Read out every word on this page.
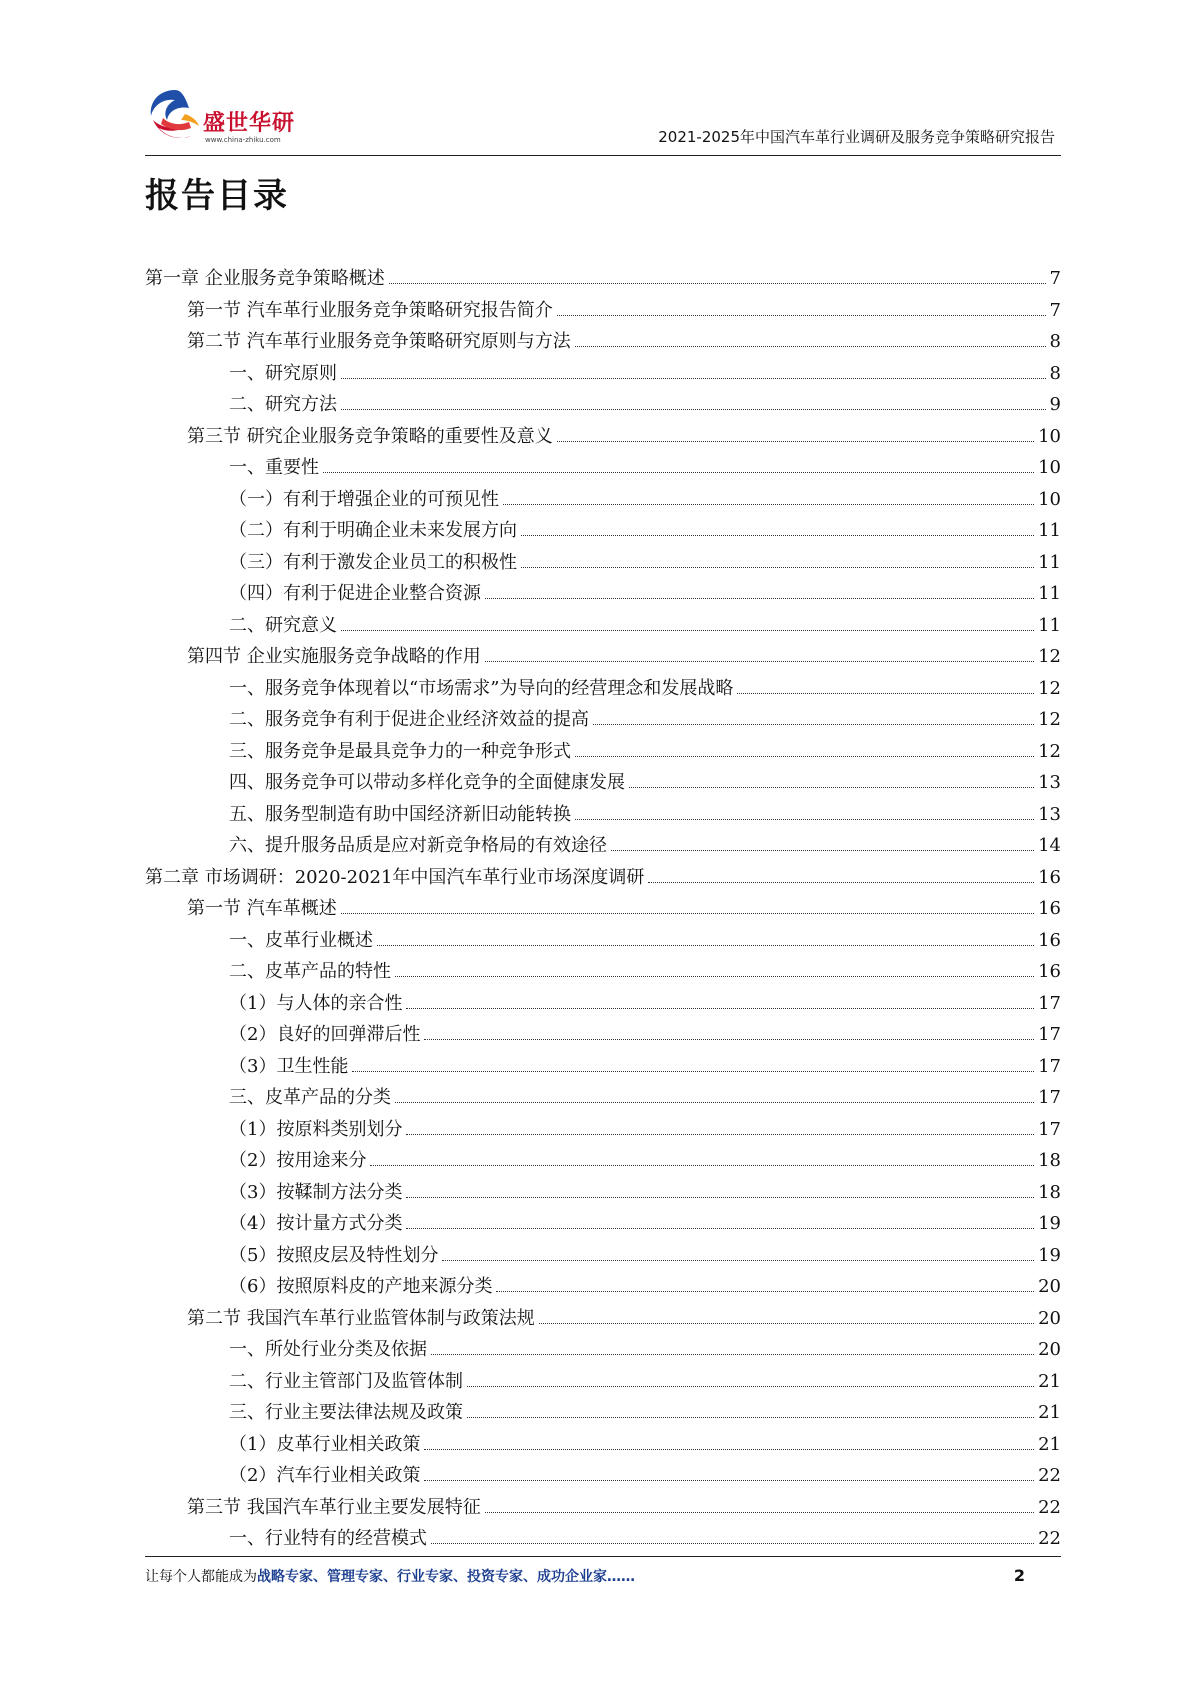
盛世华研
www.china-zhiku.com	2021-2025年中国汽车革行业调研及服务竞争策略研究报告
报告目录
第一章 企业服务竞争策略概述	7
第一节 汽车革行业服务竞争策略研究报告简介	7
第二节 汽车革行业服务竞争策略研究原则与方法	8
一、研究原则	8
二、研究方法	9
第三节 研究企业服务竞争策略的重要性及意义	10
一、重要性	10
（一）有利于增强企业的可预见性	10
（二）有利于明确企业未来发展方向	11
（三）有利于激发企业员工的积极性	11
（四）有利于促进企业整合资源	11
二、研究意义	11
第四节 企业实施服务竞争战略的作用	12
一、服务竞争体现着以“市场需求”为导向的经营理念和发展战略	12
二、服务竞争有利于促进企业经济效益的提高	12
三、服务竞争是最具竞争力的一种竞争形式	12
四、服务竞争可以带动多样化竞争的全面健康发展	13
五、服务型制造有助中国经济新旧动能转换	13
六、提升服务品质是应对新竞争格局的有效途径	14
第二章 市场调研：2020-2021年中国汽车革行业市场深度调研	16
第一节 汽车革概述	16
一、皮革行业概述	16
二、皮革产品的特性	16
（1）与人体的亲合性	17
（2）良好的回弹滞后性	17
（3）卫生性能	17
三、皮革产品的分类	17
（1）按原料类别划分	17
（2）按用途来分	18
（3）按鞣制方法分类	18
（4）按计量方式分类	19
（5）按照皮层及特性划分	19
（6）按照原料皮的产地来源分类	20
第二节 我国汽车革行业监管体制与政策法规	20
一、所处行业分类及依据	20
二、行业主管部门及监管体制	21
三、行业主要法律法规及政策	21
（1）皮革行业相关政策	21
（2）汽车行业相关政策	22
第三节 我国汽车革行业主要发展特征	22
一、行业特有的经营模式	22
让每个人都能成为战略专家、管理专家、行业专家、投资专家、成功企业家……	2
